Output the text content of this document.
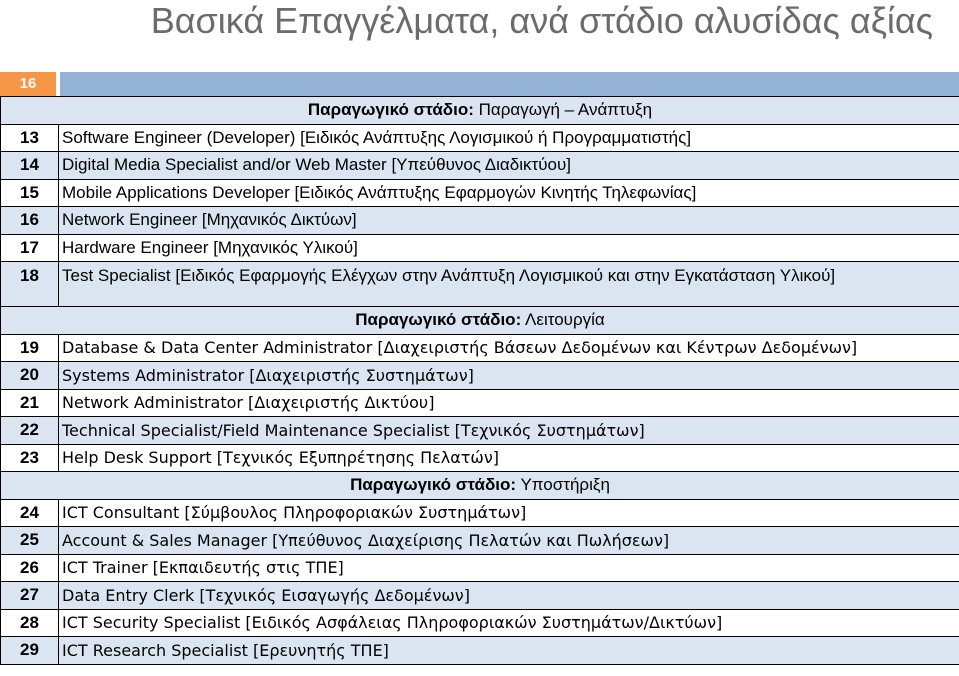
Βασικά Επαγγέλματα, ανά στάδιο αλυσίδας αξίας
16
Παραγωγικό στάδιο: Παραγωγή – Ανάπτυξη	
13	Software Engineer (Developer) [Ειδικός Ανάπτυξης Λογισμικού ή Προγραμματιστής]
14	Digital Media Specialist and/or Web Master [Υπεύθυνος Διαδικτύου]
15	Mobile Applications Developer [Ειδικός Ανάπτυξης Εφαρμογών Κινητής Τηλεφωνίας]
16	Network Engineer [Μηχανικός Δικτύων]
17	Hardware Engineer [Μηχανικός Υλικού]
18	Test Specialist [Ειδικός Εφαρμογής Ελέγχων στην Ανάπτυξη Λογισμικού και στην Εγκατάσταση Υλικού]
Παραγωγικό στάδιο: Λειτουργία	
19	Database & Data Center Administrator [Διαχειριστής Βάσεων Δεδομένων και Κέντρων Δεδομένων]
20	Systems Administrator [Διαχειριστής Συστημάτων]
21	Network Administrator [Διαχειριστής Δικτύου]
22	Technical Specialist/Field Maintenance Specialist [Τεχνικός Συστημάτων]
23	Help Desk Support [Τεχνικός Εξυπηρέτησης Πελατών]
Παραγωγικό στάδιο: Υποστήριξη	
24	ICT Consultant [Σύμβουλος Πληροφοριακών Συστημάτων]
25	Account & Sales Manager [Υπεύθυνος Διαχείρισης Πελατών και Πωλήσεων]
26	ICT Trainer [Εκπαιδευτής στις ΤΠΕ]
27	Data Entry Clerk [Τεχνικός Εισαγωγής Δεδομένων]
28	ICT Security Specialist [Ειδικός Ασφάλειας Πληροφοριακών Συστημάτων/Δικτύων]
29	ICT Research Specialist [Ερευνητής ΤΠΕ]
